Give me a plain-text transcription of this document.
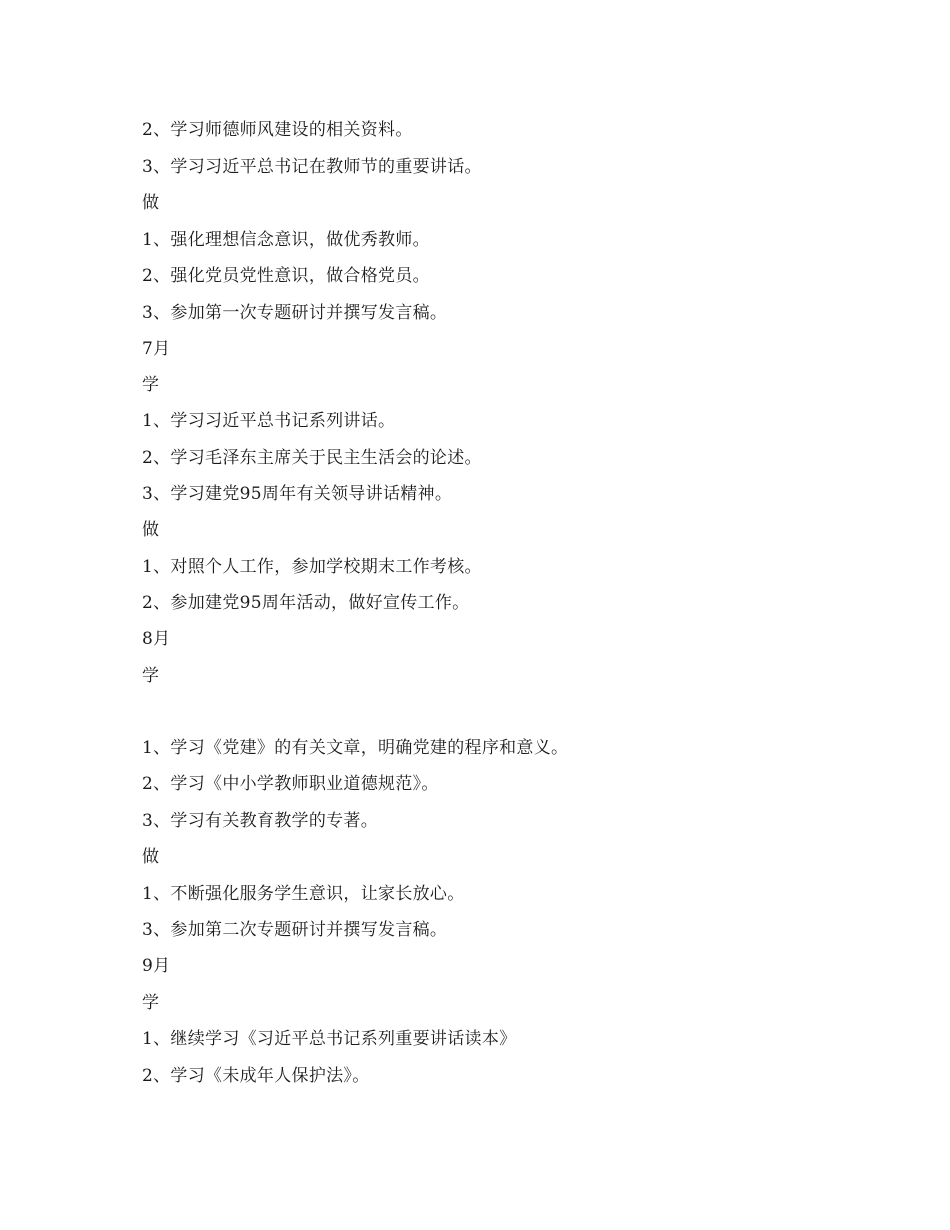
2、学习师德师风建设的相关资料。
3、学习习近平总书记在教师节的重要讲话。
做
1、强化理想信念意识，做优秀教师。
2、强化党员党性意识，做合格党员。
3、参加第一次专题研讨并撰写发言稿。
7月
学
1、学习习近平总书记系列讲话。
2、学习毛泽东主席关于民主生活会的论述。
3、学习建党95周年有关领导讲话精神。
做
1、对照个人工作，参加学校期末工作考核。
2、参加建党95周年活动，做好宣传工作。
8月
学
1、学习《党建》的有关文章，明确党建的程序和意义。
2、学习《中小学教师职业道德规范》。
3、学习有关教育教学的专著。
做
1、不断强化服务学生意识，让家长放心。
3、参加第二次专题研讨并撰写发言稿。
9月
学
1、继续学习《习近平总书记系列重要讲话读本》
2、学习《未成年人保护法》。
